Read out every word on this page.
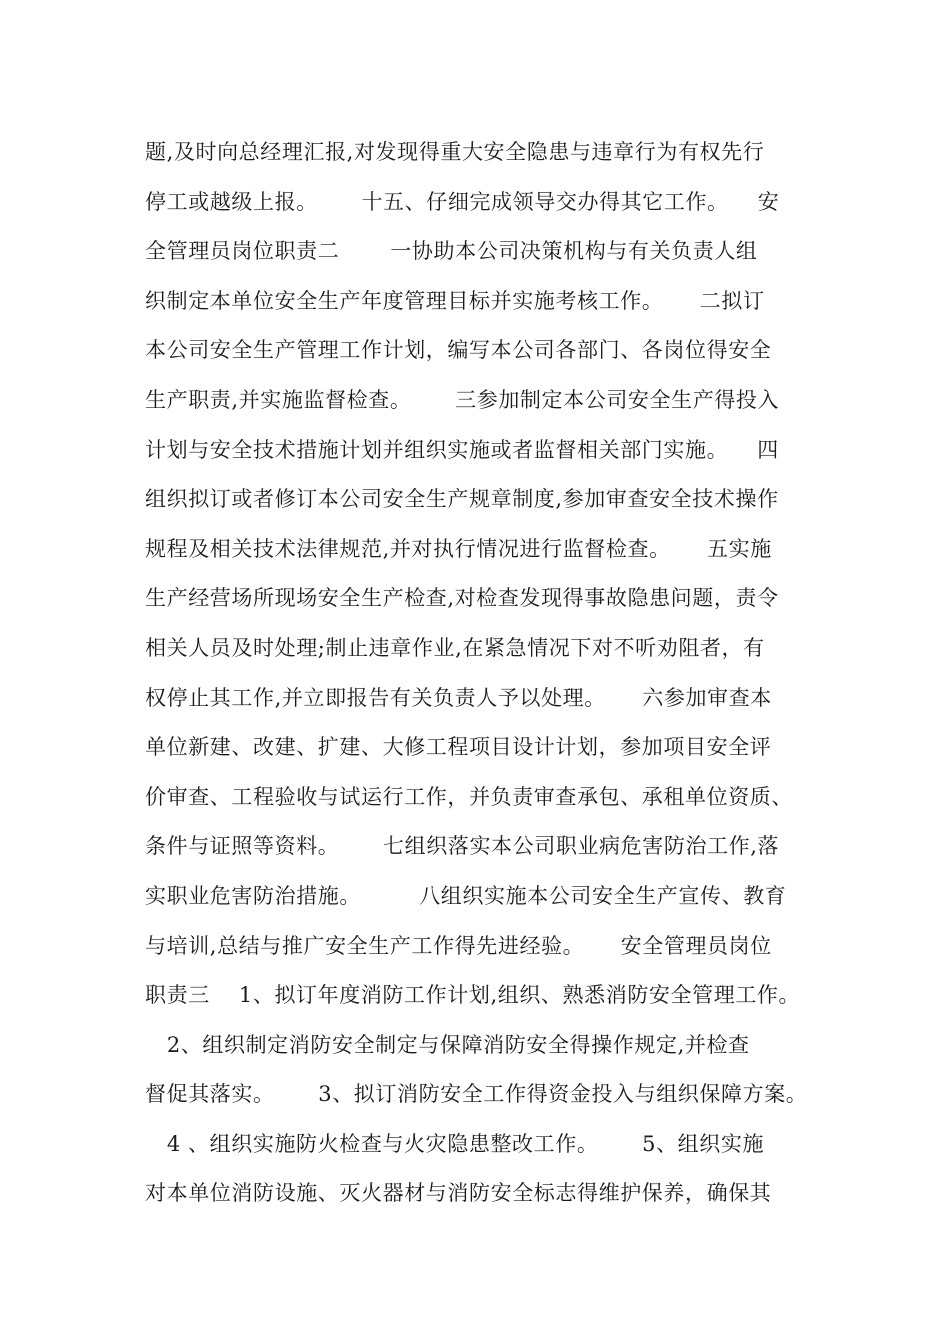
题,及时向总经理汇报,对发现得重大安全隐患与违章行为有权先行
停工或越级上报。      十五、仔细完成领导交办得其它工作。    安
全管理员岗位职责二       一协助本公司决策机构与有关负责人组
织制定本单位安全生产年度管理目标并实施考核工作。     二拟订
本公司安全生产管理工作计划，编写本公司各部门、各岗位得安全
生产职责,并实施监督检查。      三参加制定本公司安全生产得投入
计划与安全技术措施计划并组织实施或者监督相关部门实施。    四
组织拟订或者修订本公司安全生产规章制度,参加审查安全技术操作
规程及相关技术法律规范,并对执行情况进行监督检查。     五实施
生产经营场所现场安全生产检查,对检查发现得事故隐患问题，责令
相关人员及时处理;制止违章作业,在紧急情况下对不听劝阻者，有
权停止其工作,并立即报告有关负责人予以处理。     六参加审查本
单位新建、改建、扩建、大修工程项目设计计划，参加项目安全评
价审查、工程验收与试运行工作，并负责审查承包、承租单位资质、
条件与证照等资料。      七组织落实本公司职业病危害防治工作,落
实职业危害防治措施。        八组织实施本公司安全生产宣传、教育
与培训,总结与推广安全生产工作得先进经验。     安全管理员岗位
职责三    1、拟订年度消防工作计划,组织、熟悉消防安全管理工作。
2、组织制定消防安全制定与保障消防安全得操作规定,并检查
督促其落实。      3、拟订消防安全工作得资金投入与组织保障方案。
4 、组织实施防火检查与火灾隐患整改工作。      5、组织实施
对本单位消防设施、灭火器材与消防安全标志得维护保养，确保其
